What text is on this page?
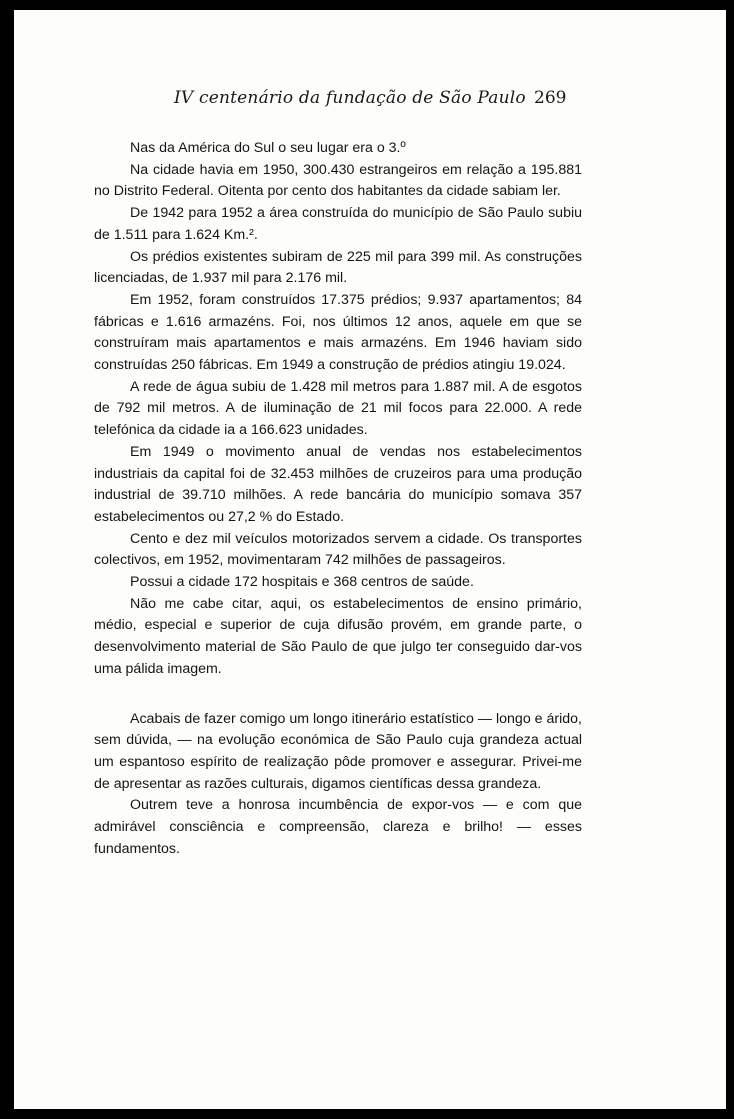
IV centenário da fundação de São Paulo 269

Nas da América do Sul o seu lugar era o 3.º

Na cidade havia em 1950, 300.430 estrangeiros em relação a 195.881 no Distrito Federal. Oitenta por cento dos habitantes da cidade sabiam ler.

De 1942 para 1952 a área construída do município de São Paulo subiu de 1.511 para 1.624 Km.².

Os prédios existentes subiram de 225 mil para 399 mil. As construções licenciadas, de 1.937 mil para 2.176 mil.

Em 1952, foram construídos 17.375 prédios; 9.937 apartamentos; 84 fábricas e 1.616 armazéns. Foi, nos últimos 12 anos, aquele em que se construíram mais apartamentos e mais armazéns. Em 1946 haviam sido construídas 250 fábricas. Em 1949 a construção de prédios atingiu 19.024.

A rede de água subiu de 1.428 mil metros para 1.887 mil. A de esgotos de 792 mil metros. A de iluminação de 21 mil focos para 22.000. A rede telefónica da cidade ia a 166.623 unidades.

Em 1949 o movimento anual de vendas nos estabelecimentos industriais da capital foi de 32.453 milhões de cruzeiros para uma produção industrial de 39.710 milhões. A rede bancária do município somava 357 estabelecimentos ou 27,2 % do Estado.

Cento e dez mil veículos motorizados servem a cidade. Os transportes colectivos, em 1952, movimentaram 742 milhões de passageiros.

Possui a cidade 172 hospitais e 368 centros de saúde.

Não me cabe citar, aqui, os estabelecimentos de ensino primário, médio, especial e superior de cuja difusão provém, em grande parte, o desenvolvimento material de São Paulo de que julgo ter conseguido dar-vos uma pálida imagem.

Acabais de fazer comigo um longo itinerário estatístico — longo e árido, sem dúvida, — na evolução económica de São Paulo cuja grandeza actual um espantoso espírito de realização pôde promover e assegurar. Privei-me de apresentar as razões culturais, digamos científicas dessa grandeza.

Outrem teve a honrosa incumbência de expor-vos — e com que admirável consciência e compreensão, clareza e brilho! — esses fundamentos.
